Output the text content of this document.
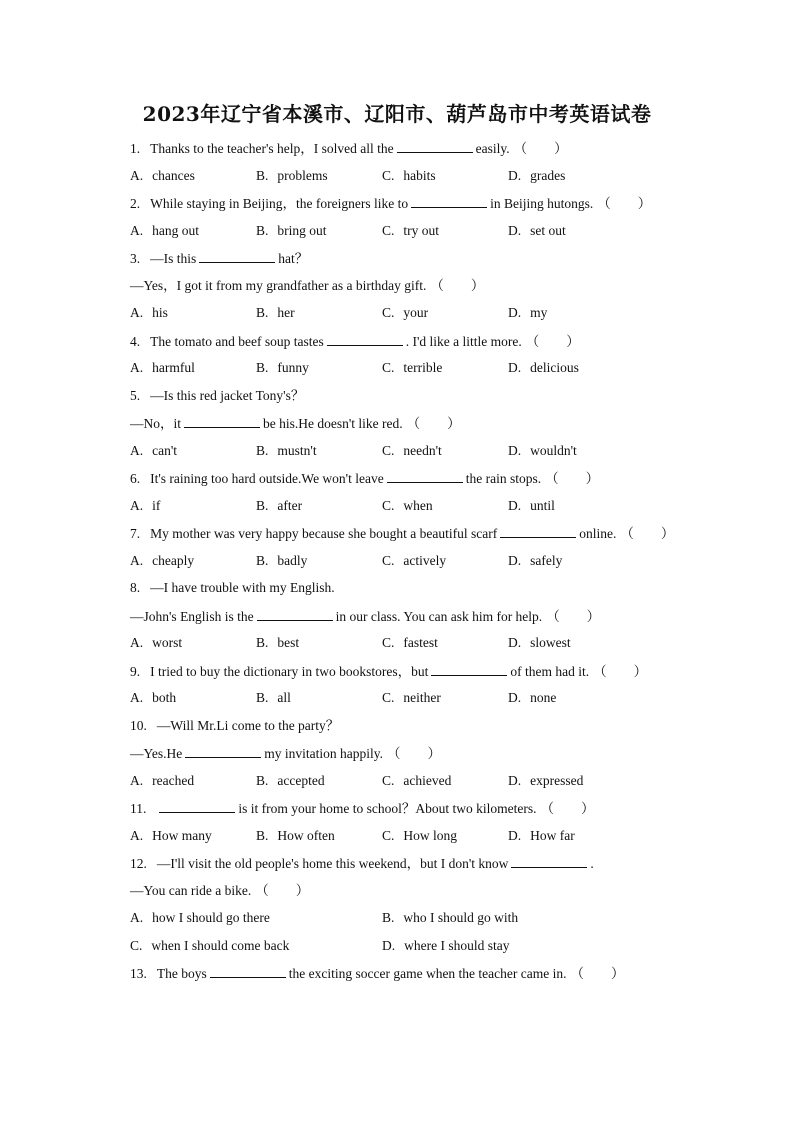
2023年辽宁省本溪市、辽阳市、葫芦岛市中考英语试卷
1. Thanks to the teacher's help，I solved all the	easily. （　　）
A. chances	B. problems	C. habits	D. grades
2. While staying in Beijing，the foreigners like to	in Beijing hutongs. （　　）
A. hang out	B. bring out	C. try out	D. set out
3. —Is this	hat？
—Yes，I got it from my grandfather as a birthday gift. （　　）
A. his	B. her	C. your	D. my
4. The tomato and beef soup tastes	. I'd like a little more. （　　）
A. harmful	B. funny	C. terrible	D. delicious
5. —Is this red jacket Tony's？
—No，it	be his.He doesn't like red. （　　）
A. can't	B. mustn't	C. needn't	D. wouldn't
6. It's raining too hard outside.We won't leave	the rain stops. （　　）
A. if	B. after	C. when	D. until
7. My mother was very happy because she bought a beautiful scarf	online. （　　）
A. cheaply	B. badly	C. actively	D. safely
8. —I have trouble with my English.
—John's English is the	in our class. You can ask him for help. （　　）
A. worst	B. best	C. fastest	D. slowest
9. I tried to buy the dictionary in two bookstores，but	of them had it. （　　）
A. both	B. all	C. neither	D. none
10. —Will Mr.Li come to the party？
—Yes.He	my invitation happily. （　　）
A. reached	B. accepted	C. achieved	D. expressed
11.	is it from your home to school？About two kilometers. （　　）
A. How many	B. How often	C. How long	D. How far
12. —I'll visit the old people's home this weekend，but I don't know	.
—You can ride a bike. （　　）
A. how I should go there	B. who I should go with
C. when I should come back	D. where I should stay
13. The boys	the exciting soccer game when the teacher came in. （　　）
